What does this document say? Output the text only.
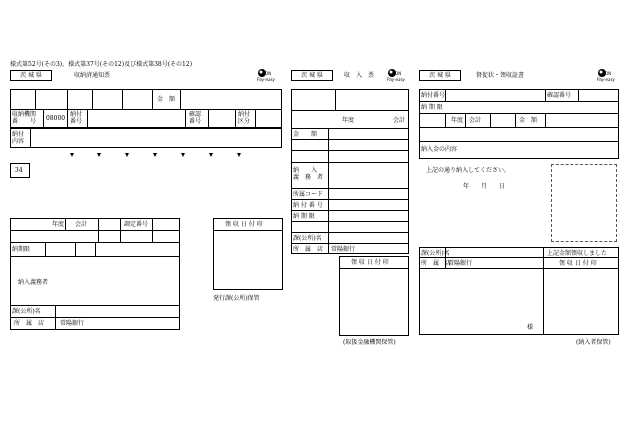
様式第52号(その3)、様式第37号(その12)及び様式第38号(その12)
茨 城 県	収納済通知票	ON
Pay-easy
金　額
収納機関
番　　号 08000
納付
番号
確認
番号
納付
区分
納付
内容
34
年度 会計	調定番号
納期限
納入義務者
課(公所)名
所　属　店	常陽銀行
領 収 日 付 印
発行課(公所)保管
茨 城 県	収　入　票	ON
Pay-easy
年度	会計
金　　額
納　　入
義　務　者
所属コード
納 付 番 号
納 期 限
課(公所)名
所　属　店 常陽銀行
領 収 日 付 印
(取扱金融機関保管)
茨 城 県	督促状・領収証書	ON
Pay-easy
納付番号	確認番号
納 期 限
年度 会計	金　額
納入金の内容
上記の通り納入してください。
年　　月　　日
課(公所)名	上記金額領収しました
所　属　店
常陽銀行	領 収 日 付 印
様
(納入者保管)
